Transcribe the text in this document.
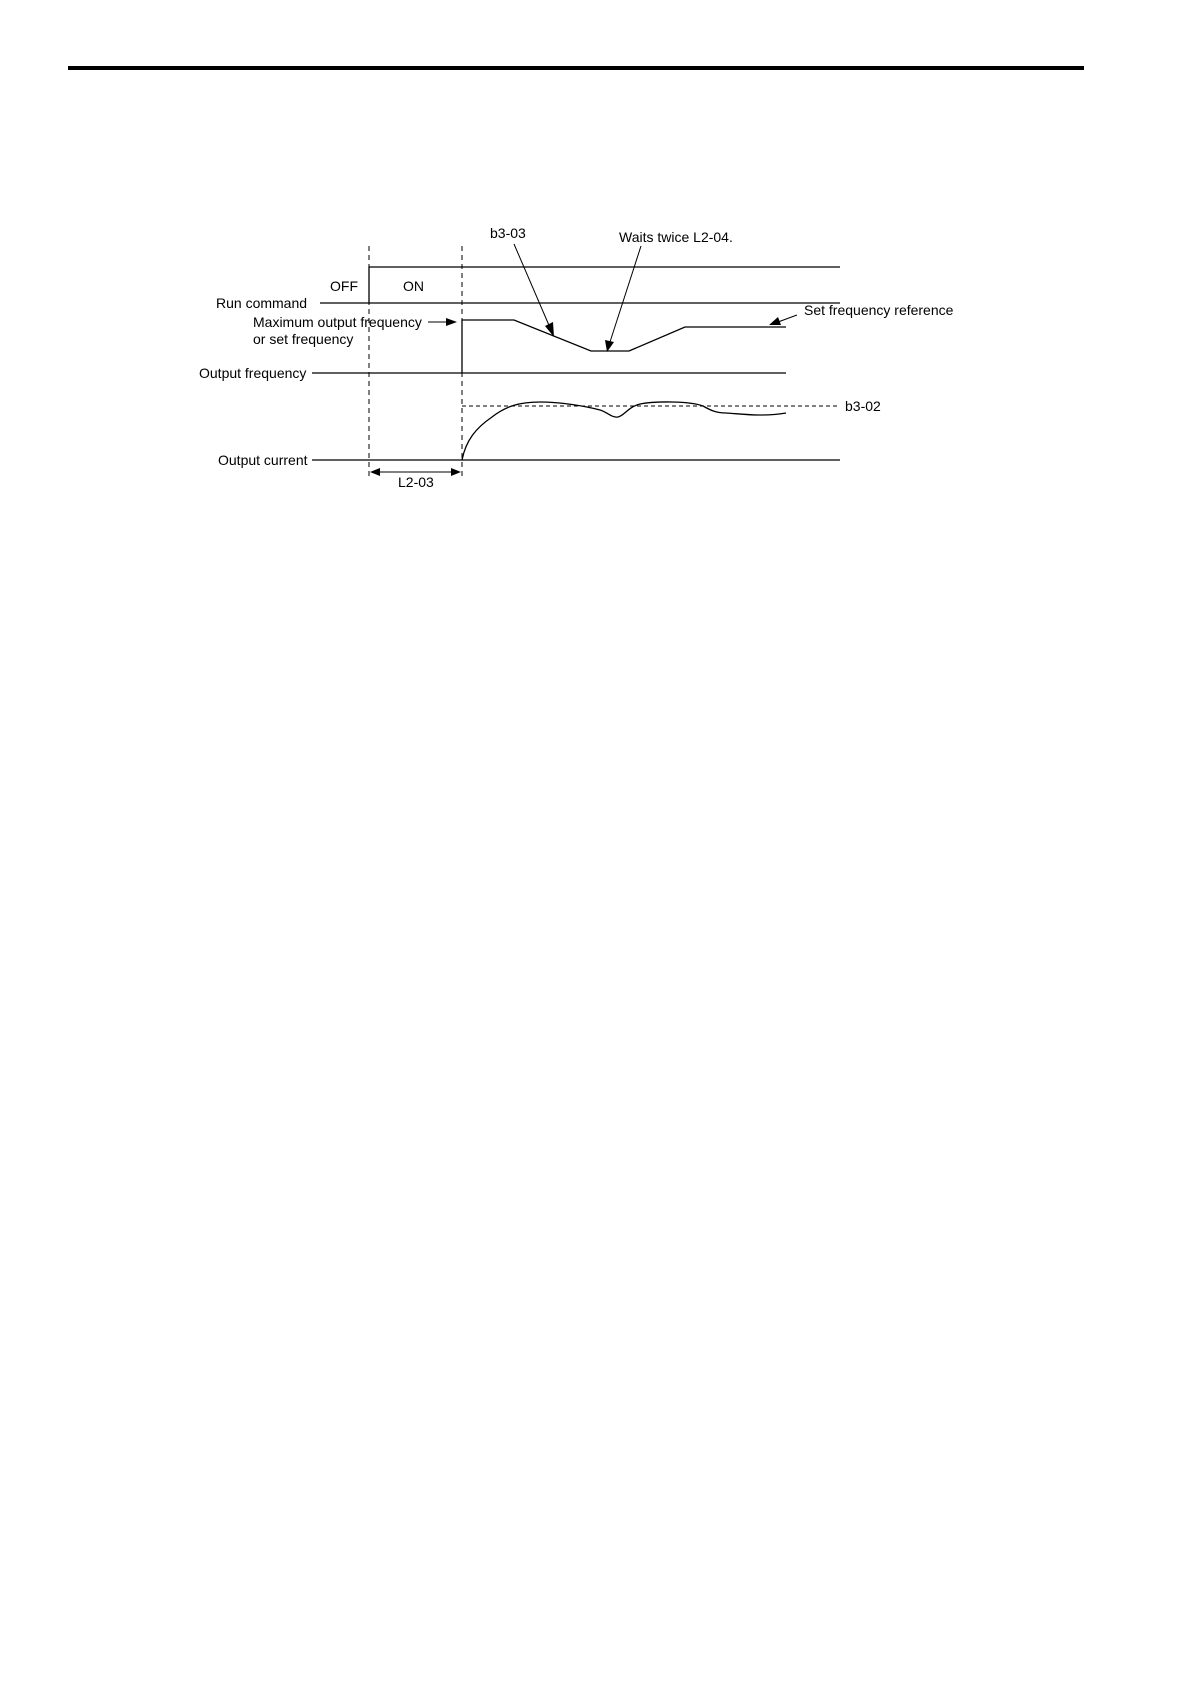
OFF	ON
Run command
b3-03	Waits twice L2-04.
Maximum output frequency
or set frequency
Set frequency reference
Output frequency
b3-02
Output current
L2-03
